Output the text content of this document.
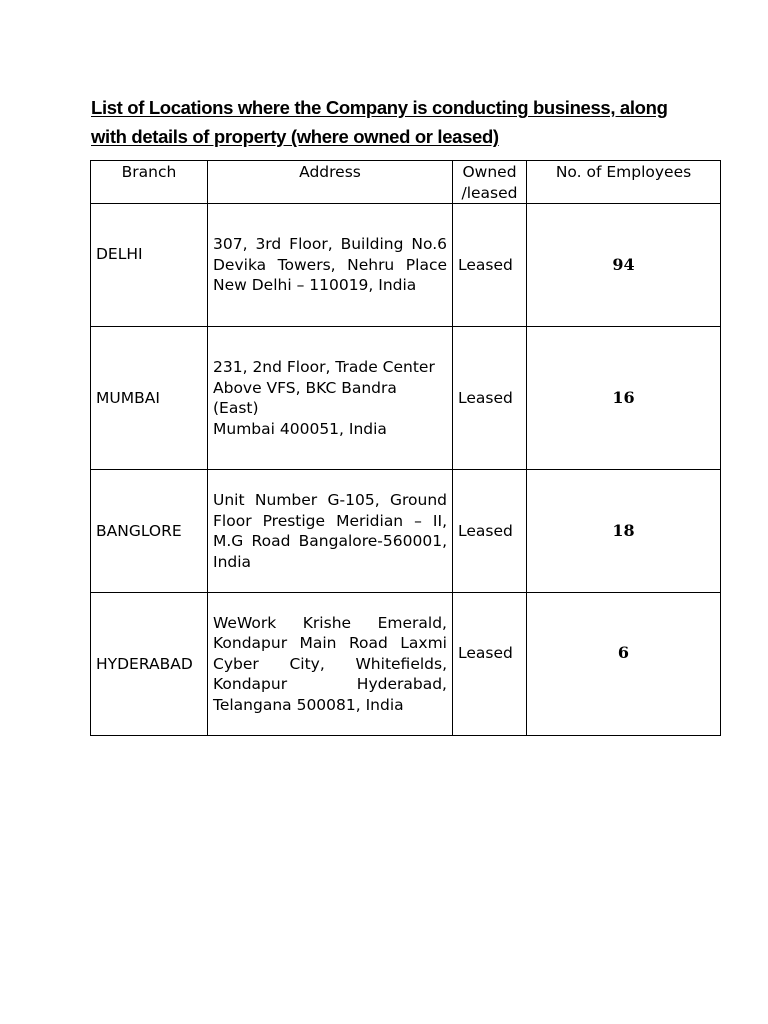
List of Locations where the Company is conducting business, along
with details of property (where owned or leased)
Branch	Address	Owned /leased	No. of Employees
DELHI	307, 3rd Floor, Building No.6 Devika Towers, Nehru Place New Delhi – 110019, India	Leased	94
MUMBAI	231, 2nd Floor, Trade Center
Above VFS, BKC Bandra (East)
Mumbai 400051, India	Leased	16
BANGLORE	Unit Number G-105, Ground Floor Prestige Meridian – II, M.G Road Bangalore-560001, India	Leased	18
HYDERABAD	WeWork Krishe Emerald, Kondapur Main Road Laxmi Cyber City, Whitefields, Kondapur Hyderabad, Telangana 500081, India	Leased	6
